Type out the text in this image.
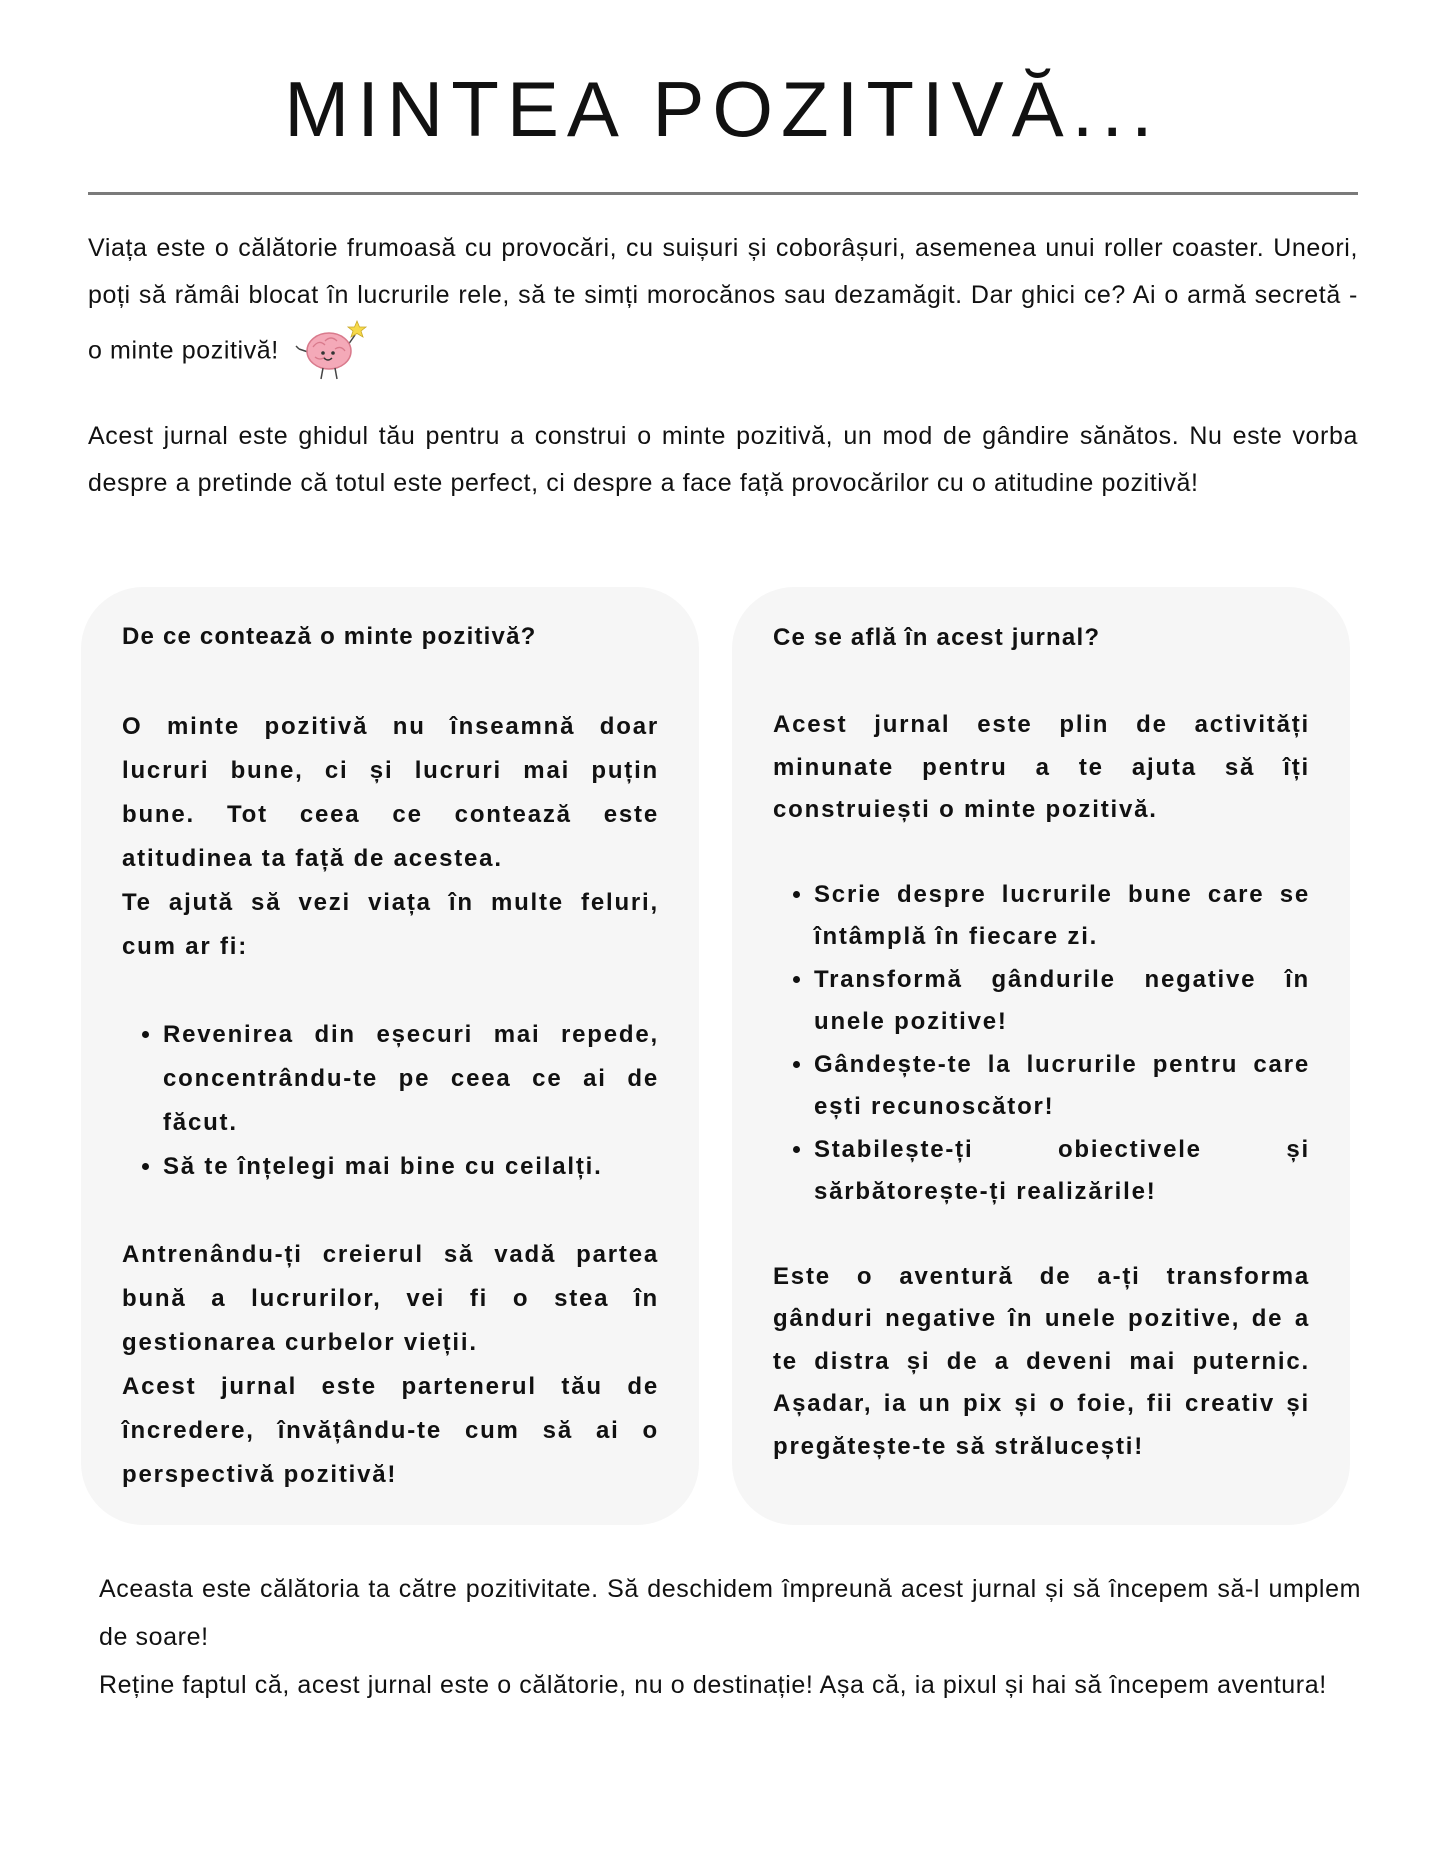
MINTEA POZITIVĂ...

Viața este o călătorie frumoasă cu provocări, cu suișuri și coborâșuri, asemenea unui roller coaster. Uneori, poți să rămâi blocat în lucrurile rele, să te simți morocănos sau dezamăgit. Dar ghici ce? Ai o armă secretă - o minte pozitivă!

Acest jurnal este ghidul tău pentru a construi o minte pozitivă, un mod de gândire sănătos. Nu este vorba despre a pretinde că totul este perfect, ci despre a face față provocărilor cu o atitudine pozitivă!

De ce contează o minte pozitivă?

O minte pozitivă nu înseamnă doar lucruri bune, ci și lucruri mai puțin bune. Tot ceea ce contează este atitudinea ta față de acestea.

Te ajută să vezi viața în multe feluri, cum ar fi:

• Revenirea din eșecuri mai repede, concentrându-te pe ceea ce ai de făcut.
• Să te înțelegi mai bine cu ceilalți.

Antrenându-ți creierul să vadă partea bună a lucrurilor, vei fi o stea în gestionarea curbelor vieții.

Acest jurnal este partenerul tău de încredere, învățându-te cum să ai o perspectivă pozitivă!

Ce se află în acest jurnal?

Acest jurnal este plin de activități minunate pentru a te ajuta să îți construiești o minte pozitivă.

• Scrie despre lucrurile bune care se întâmplă în fiecare zi.
• Transformă gândurile negative în unele pozitive!
• Gândește-te la lucrurile pentru care ești recunoscător!
• Stabilește-ți obiectivele și sărbătorește-ți realizările!

Este o aventură de a-ți transforma gânduri negative în unele pozitive, de a te distra și de a deveni mai puternic. Așadar, ia un pix și o foie, fii creativ și pregătește-te să strălucești!

Aceasta este călătoria ta către pozitivitate. Să deschidem împreună acest jurnal și să începem să-l umplem de soare!

Reține faptul că, acest jurnal este o călătorie, nu o destinație! Așa că, ia pixul și hai să începem aventura!
